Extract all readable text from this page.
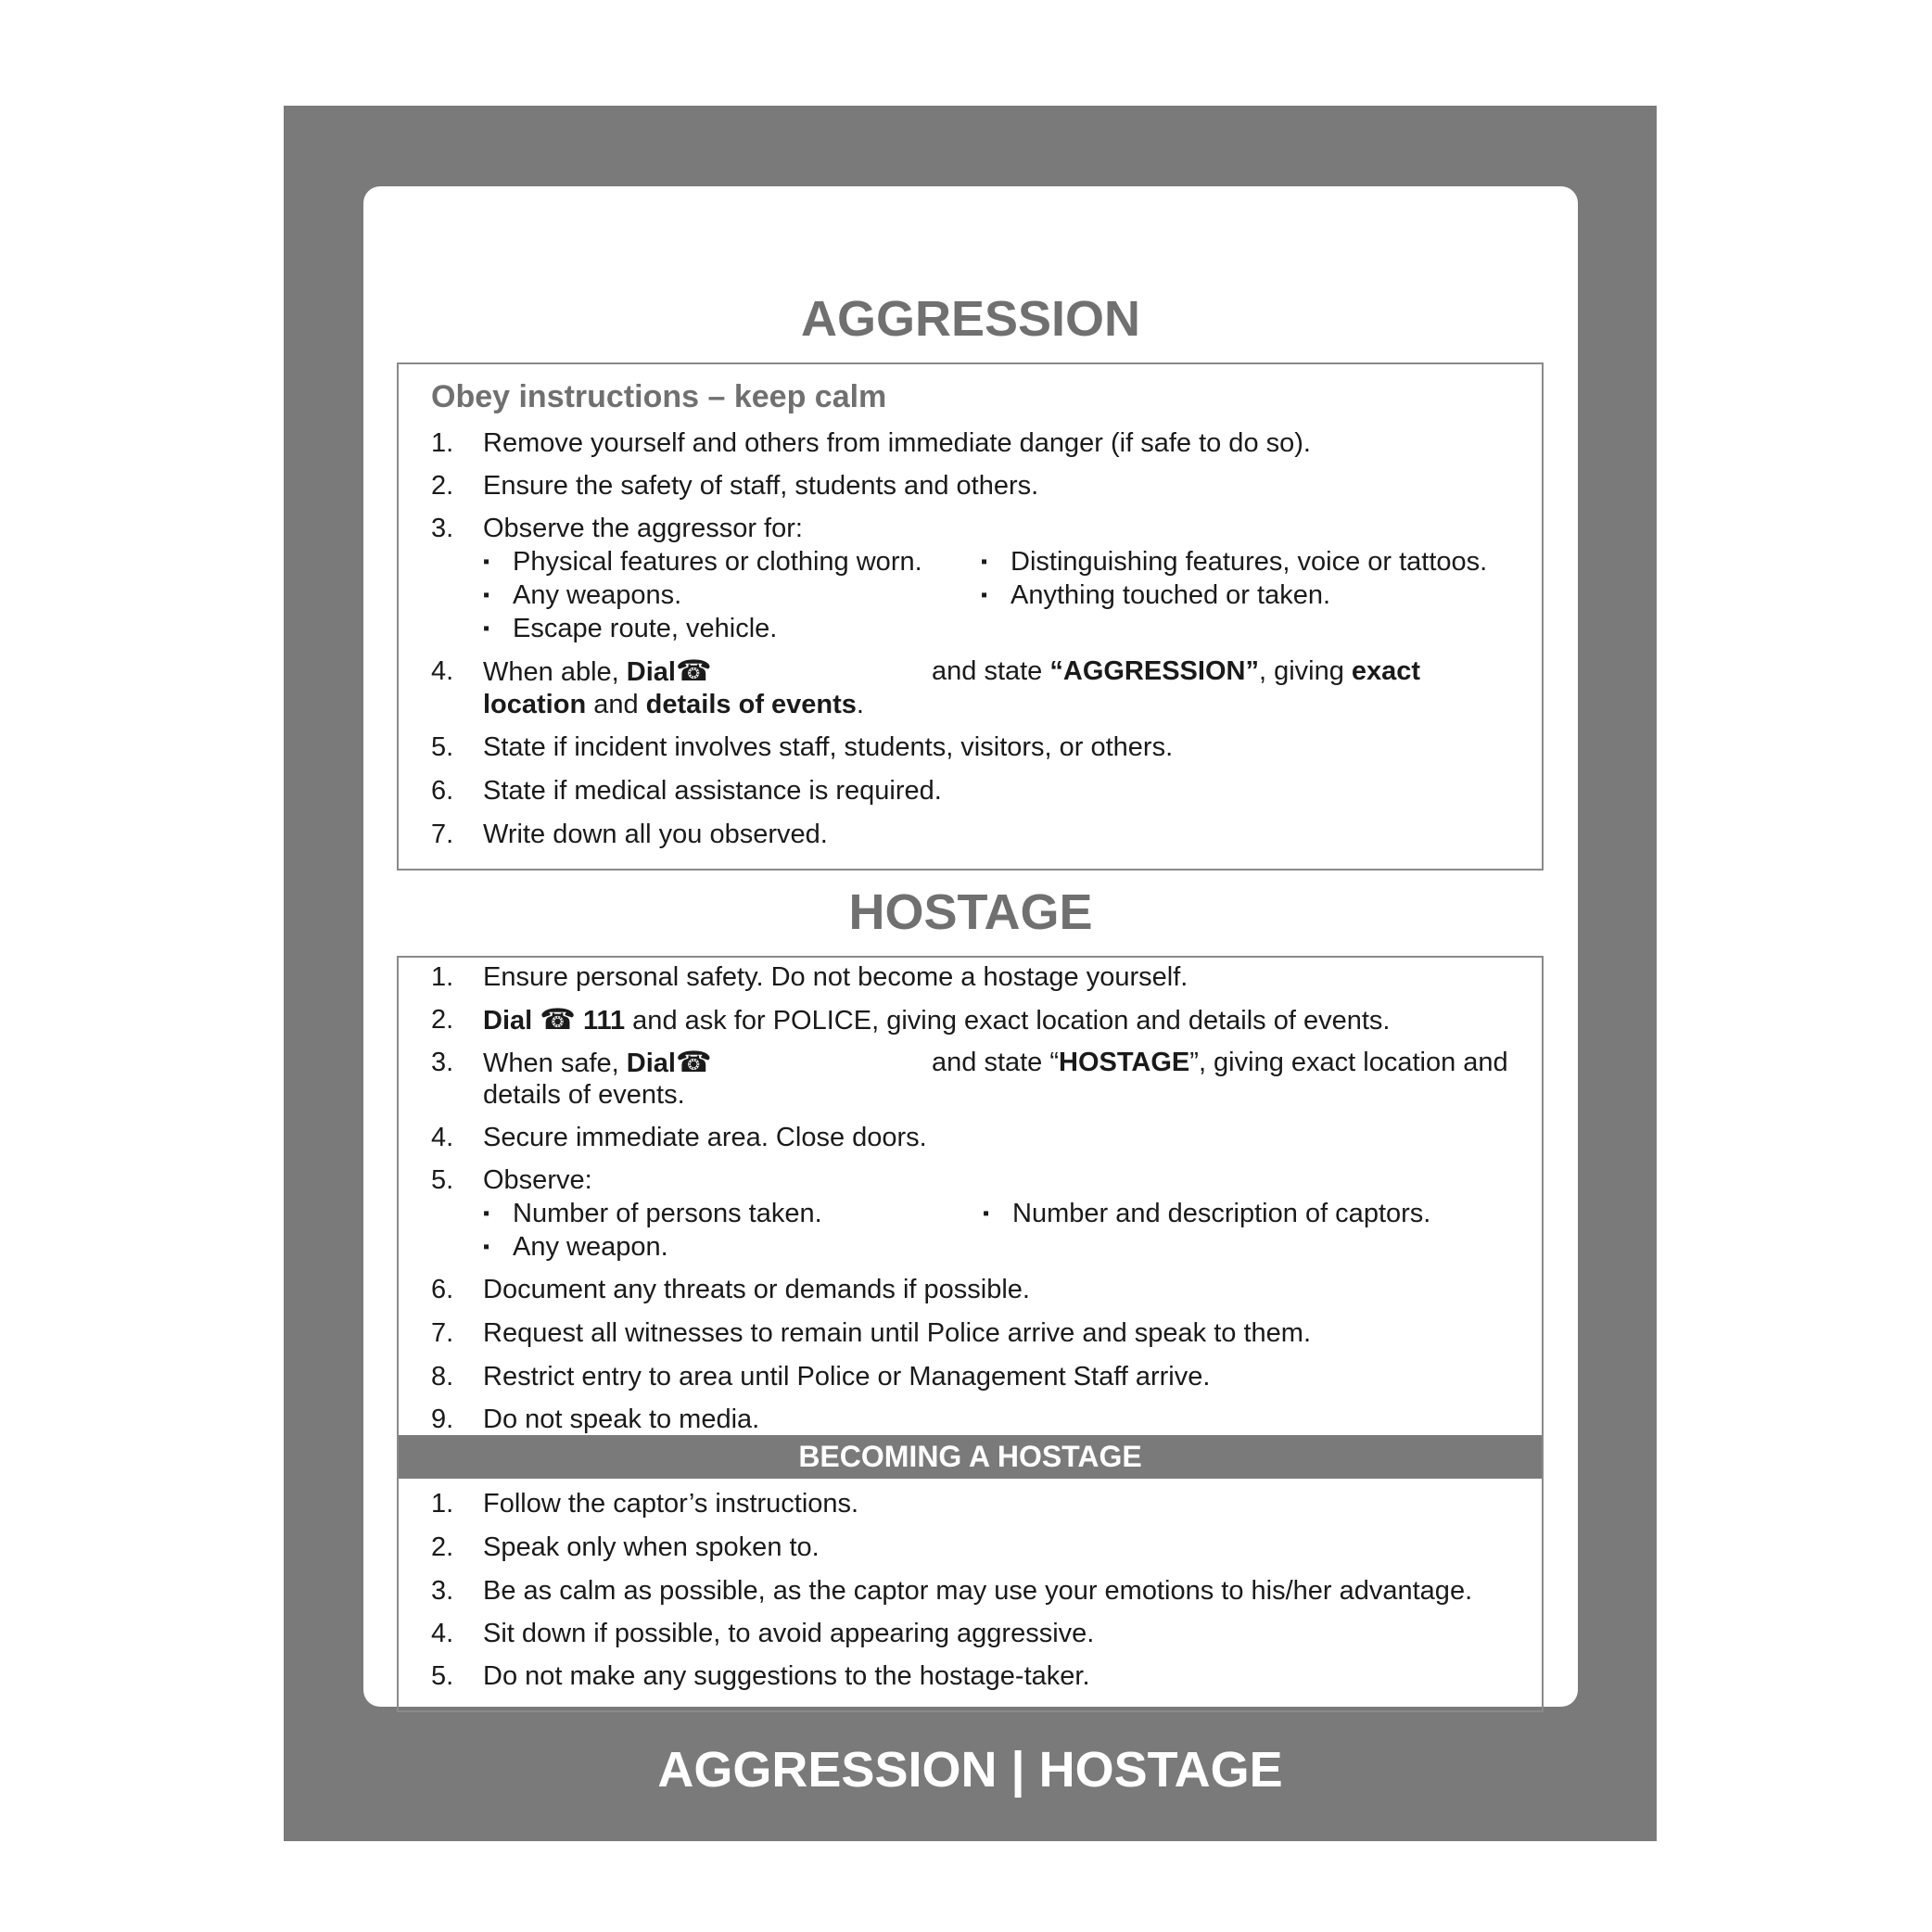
AGGRESSION
Obey instructions – keep calm
1. Remove yourself and others from immediate danger (if safe to do so).
2. Ensure the safety of staff, students and others.
3. Observe the aggressor for:
▪ Physical features or clothing worn.	▪ Distinguishing features, voice or tattoos.
▪ Any weapons.	▪ Anything touched or taken.
▪ Escape route, vehicle.
4. When able, Dial☎	and state “AGGRESSION”, giving exact
location and details of events.
5. State if incident involves staff, students, visitors, or others.
6. State if medical assistance is required.
7. Write down all you observed.
HOSTAGE
1. Ensure personal safety. Do not become a hostage yourself.
2. Dial ☎ 111 and ask for POLICE, giving exact location and details of events.
3. When safe, Dial☎	and state “HOSTAGE”, giving exact location and
details of events.
4. Secure immediate area. Close doors.
5. Observe:
▪ Number of persons taken.	▪ Number and description of captors.
▪ Any weapon.
6. Document any threats or demands if possible.
7. Request all witnesses to remain until Police arrive and speak to them.
8. Restrict entry to area until Police or Management Staff arrive.
9. Do not speak to media.
BECOMING A HOSTAGE
1. Follow the captor’s instructions.
2. Speak only when spoken to.
3. Be as calm as possible, as the captor may use your emotions to his/her advantage.
4. Sit down if possible, to avoid appearing aggressive.
5. Do not make any suggestions to the hostage-taker.
AGGRESSION | HOSTAGE
